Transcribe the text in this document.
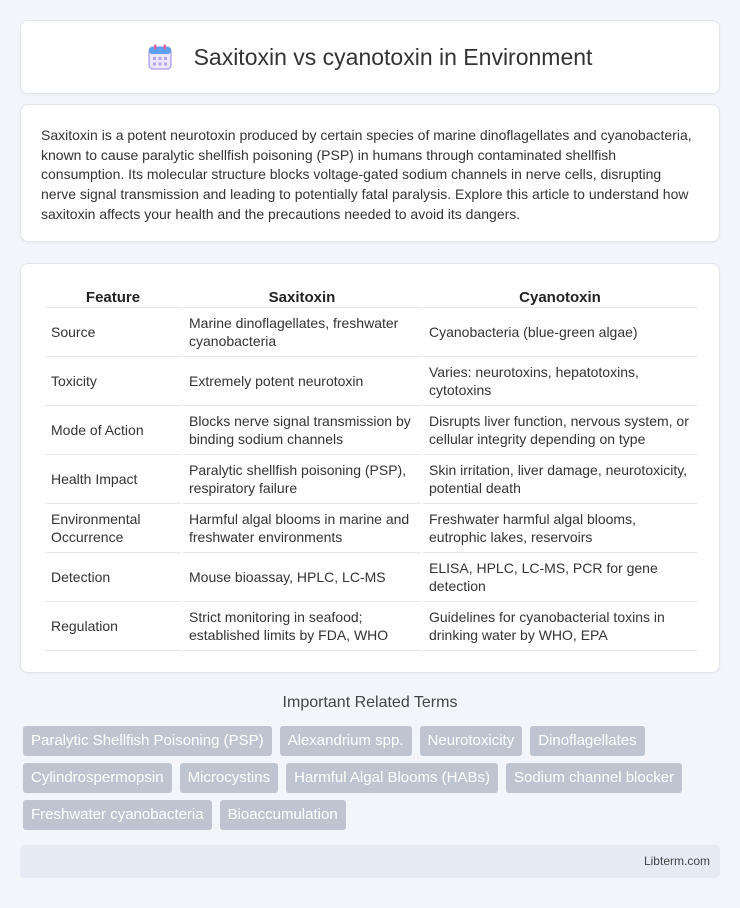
Saxitoxin vs cyanotoxin in Environment

Saxitoxin is a potent neurotoxin produced by certain species of marine dinoflagellates and cyanobacteria, known to cause paralytic shellfish poisoning (PSP) in humans through contaminated shellfish consumption. Its molecular structure blocks voltage-gated sodium channels in nerve cells, disrupting nerve signal transmission and leading to potentially fatal paralysis. Explore this article to understand how saxitoxin affects your health and the precautions needed to avoid its dangers.

Feature	Saxitoxin	Cyanotoxin
Source	Marine dinoflagellates, freshwater cyanobacteria	Cyanobacteria (blue-green algae)
Toxicity	Extremely potent neurotoxin	Varies: neurotoxins, hepatotoxins, cytotoxins
Mode of Action	Blocks nerve signal transmission by binding sodium channels	Disrupts liver function, nervous system, or cellular integrity depending on type
Health Impact	Paralytic shellfish poisoning (PSP), respiratory failure	Skin irritation, liver damage, neurotoxicity, potential death
Environmental Occurrence	Harmful algal blooms in marine and freshwater environments	Freshwater harmful algal blooms, eutrophic lakes, reservoirs
Detection	Mouse bioassay, HPLC, LC-MS	ELISA, HPLC, LC-MS, PCR for gene detection
Regulation	Strict monitoring in seafood; established limits by FDA, WHO	Guidelines for cyanobacterial toxins in drinking water by WHO, EPA
Important Related Terms
Paralytic Shellfish Poisoning (PSP)	Alexandrium spp.	Neurotoxicity	Dinoflagellates
Cylindrospermopsin	Microcystins	Harmful Algal Blooms (HABs)	Sodium channel blocker
Freshwater cyanobacteria	Bioaccumulation
Libterm.com
